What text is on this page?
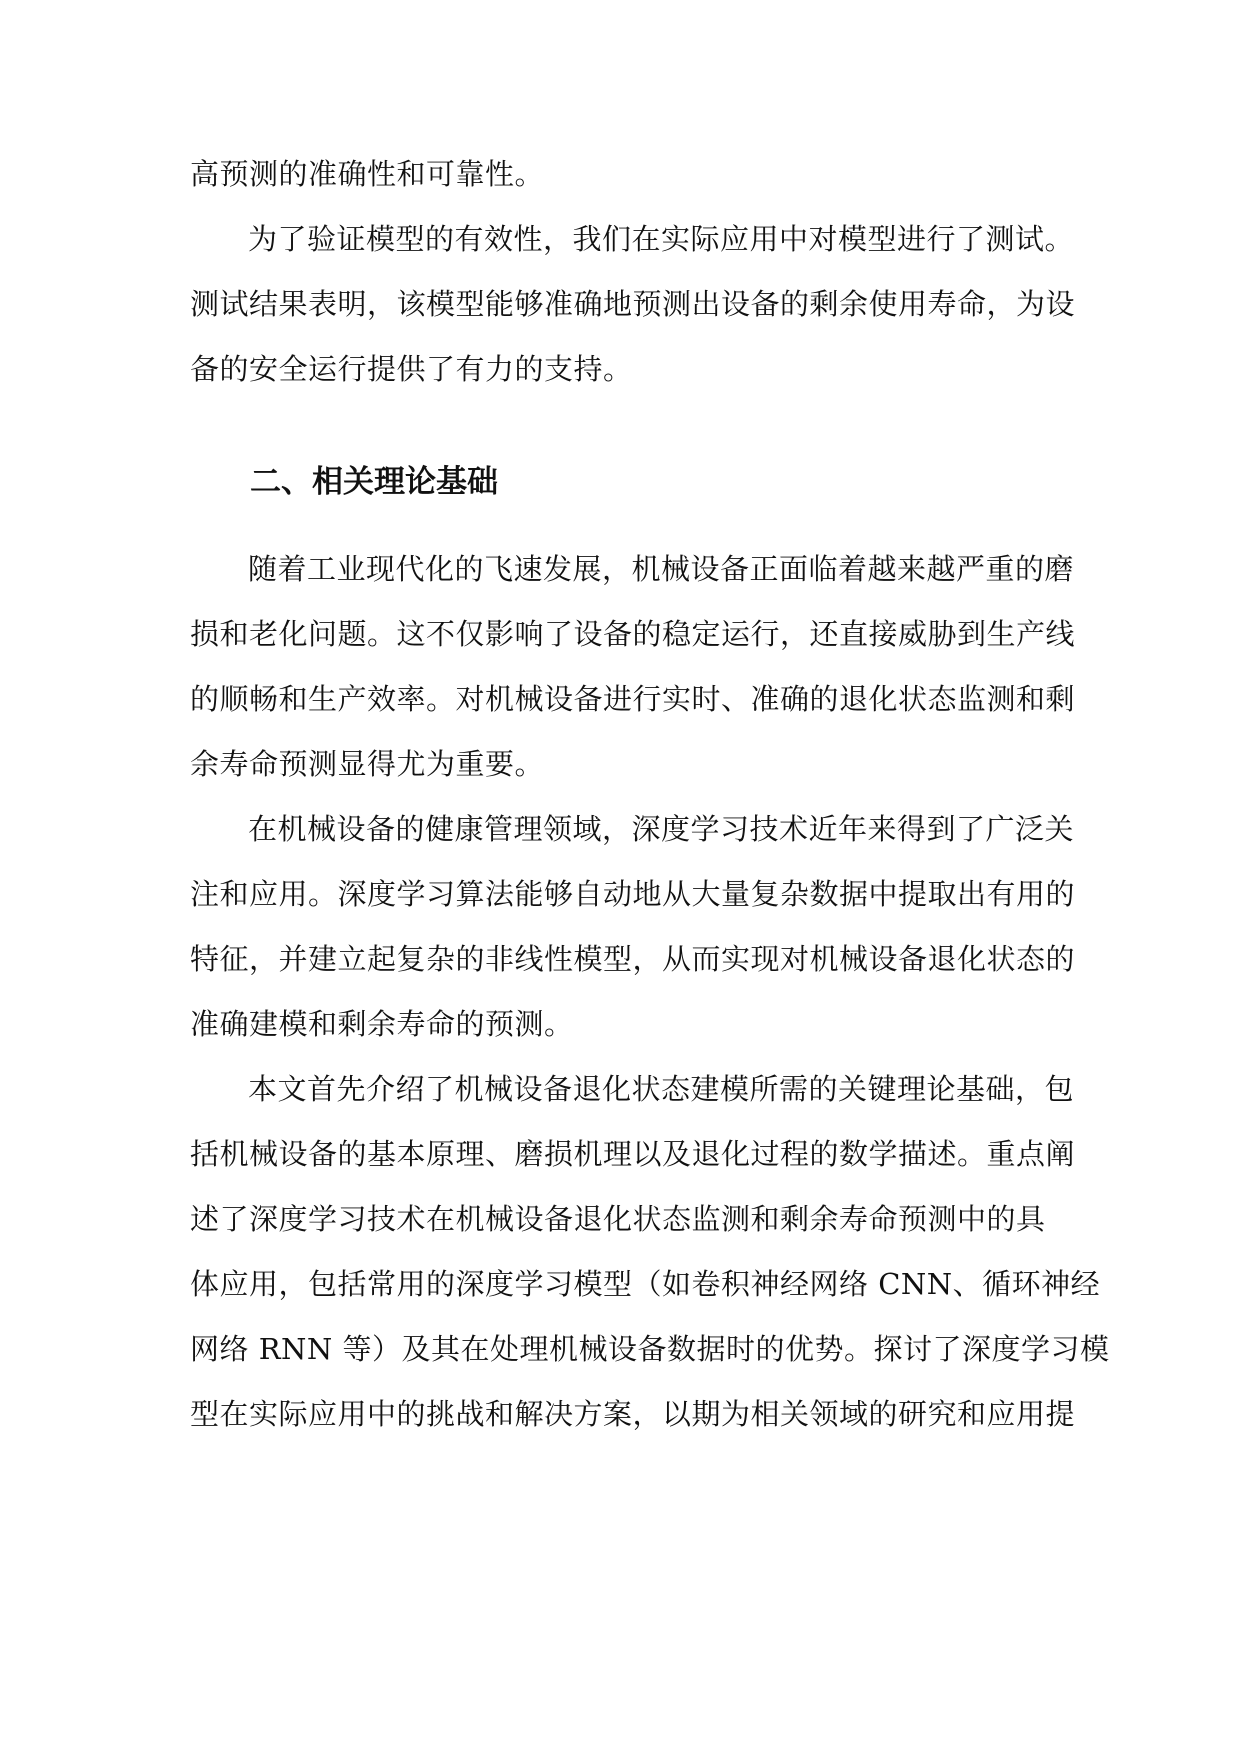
高预测的准确性和可靠性。

为了验证模型的有效性，我们在实际应用中对模型进行了测试。
测试结果表明，该模型能够准确地预测出设备的剩余使用寿命，为设
备的安全运行提供了有力的支持。

二、相关理论基础

随着工业现代化的飞速发展，机械设备正面临着越来越严重的磨
损和老化问题。这不仅影响了设备的稳定运行，还直接威胁到生产线
的顺畅和生产效率。对机械设备进行实时、准确的退化状态监测和剩
余寿命预测显得尤为重要。

在机械设备的健康管理领域，深度学习技术近年来得到了广泛关
注和应用。深度学习算法能够自动地从大量复杂数据中提取出有用的
特征，并建立起复杂的非线性模型，从而实现对机械设备退化状态的
准确建模和剩余寿命的预测。

本文首先介绍了机械设备退化状态建模所需的关键理论基础，包
括机械设备的基本原理、磨损机理以及退化过程的数学描述。重点阐
述了深度学习技术在机械设备退化状态监测和剩余寿命预测中的具
体应用，包括常用的深度学习模型（如卷积神经网络 CNN、循环神经
网络 RNN 等）及其在处理机械设备数据时的优势。探讨了深度学习模
型在实际应用中的挑战和解决方案，以期为相关领域的研究和应用提
